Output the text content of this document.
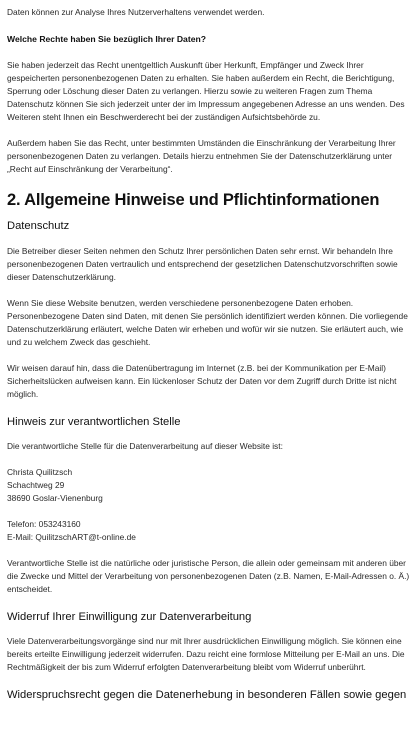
Daten können zur Analyse Ihres Nutzerverhaltens verwendet werden.

Welche Rechte haben Sie bezüglich Ihrer Daten?

Sie haben jederzeit das Recht unentgeltlich Auskunft über Herkunft, Empfänger und Zweck Ihrer gespeicherten personenbezogenen Daten zu erhalten. Sie haben außerdem ein Recht, die Berichtigung, Sperrung oder Löschung dieser Daten zu verlangen. Hierzu sowie zu weiteren Fragen zum Thema Datenschutz können Sie sich jederzeit unter der im Impressum angegebenen Adresse an uns wenden. Des Weiteren steht Ihnen ein Beschwerderecht bei der zuständigen Aufsichtsbehörde zu.

Außerdem haben Sie das Recht, unter bestimmten Umständen die Einschränkung der Verarbeitung Ihrer personenbezogenen Daten zu verlangen. Details hierzu entnehmen Sie der Datenschutzerklärung unter „Recht auf Einschränkung der Verarbeitung“.

2. Allgemeine Hinweise und Pflichtinformationen
Datenschutz

Die Betreiber dieser Seiten nehmen den Schutz Ihrer persönlichen Daten sehr ernst. Wir behandeln Ihre personenbezogenen Daten vertraulich und entsprechend der gesetzlichen Datenschutzvorschriften sowie dieser Datenschutzerklärung.

Wenn Sie diese Website benutzen, werden verschiedene personenbezogene Daten erhoben. Personenbezogene Daten sind Daten, mit denen Sie persönlich identifiziert werden können. Die vorliegende Datenschutzerklärung erläutert, welche Daten wir erheben und wofür wir sie nutzen. Sie erläutert auch, wie und zu welchem Zweck das geschieht.

Wir weisen darauf hin, dass die Datenübertragung im Internet (z.B. bei der Kommunikation per E-Mail) Sicherheitslücken aufweisen kann. Ein lückenloser Schutz der Daten vor dem Zugriff durch Dritte ist nicht möglich.

Hinweis zur verantwortlichen Stelle

Die verantwortliche Stelle für die Datenverarbeitung auf dieser Website ist:

Christa Quilitzsch

Schachtweg 29

38690 Goslar-Vienenburg

Telefon: 053243160

E-Mail: QuilitzschART@t-online.de

Verantwortliche Stelle ist die natürliche oder juristische Person, die allein oder gemeinsam mit anderen über die Zwecke und Mittel der Verarbeitung von personenbezogenen Daten (z.B. Namen, E-Mail-Adressen o. Ä.) entscheidet.

Widerruf Ihrer Einwilligung zur Datenverarbeitung

Viele Datenverarbeitungsvorgänge sind nur mit Ihrer ausdrücklichen Einwilligung möglich. Sie können eine bereits erteilte Einwilligung jederzeit widerrufen. Dazu reicht eine formlose Mitteilung per E-Mail an uns. Die Rechtmäßigkeit der bis zum Widerruf erfolgten Datenverarbeitung bleibt vom Widerruf unberührt.

Widerspruchsrecht gegen die Datenerhebung in besonderen Fällen sowie gegen
